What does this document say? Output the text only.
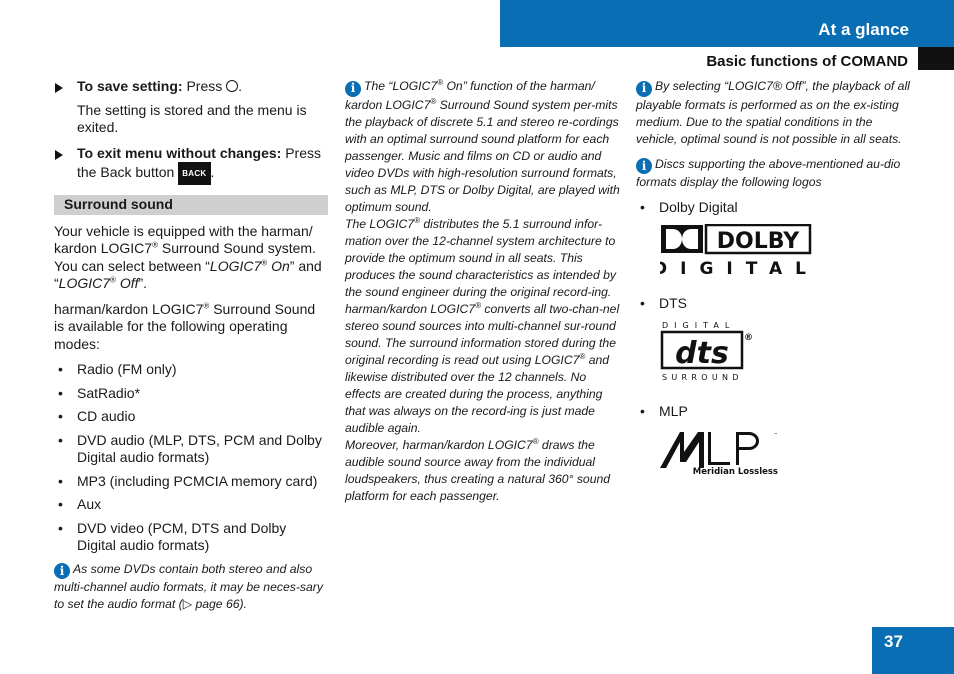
At a glance
Basic functions of COMAND
To save setting: Press .
The setting is stored and the menu is exited.
To exit menu without changes: Press the Back button BACK .
Surround sound
Your vehicle is equipped with the harman/ kardon LOGIC7® Surround Sound system. You can select between “LOGIC7® On” and “LOGIC7® Off”.
harman/kardon LOGIC7® Surround Sound is available for the following operating modes:
• Radio (FM only)
• SatRadio*
• CD audio
• DVD audio (MLP, DTS, PCM and Dolby Digital audio formats)
• MP3 (including PCMCIA memory card)
• Aux
• DVD video (PCM, DTS and Dolby Digital audio formats)
i As some DVDs contain both stereo and also multi-channel audio formats, it may be neces-sary to set the audio format (▷ page 66).
i The “LOGIC7® On” function of the harman/ kardon LOGIC7® Surround Sound system per-mits the playback of discrete 5.1 and stereo re-cordings with an optimal surround sound platform for each passenger. Music and films on CD or audio and video DVDs with high-resolution surround formats, such as MLP, DTS or Dolby Digital, are played with optimum sound.
The LOGIC7® distributes the 5.1 surround infor-mation over the 12-channel system architecture to provide the optimum sound in all seats. This produces the sound characteristics as intended by the sound engineer during the original record-ing.
harman/kardon LOGIC7® converts all two-chan-nel stereo sound sources into multi-channel sur-round sound. The surround information stored during the original recording is read out using LOGIC7® and likewise distributed over the 12 channels. No effects are created during the process, anything that was always on the record-ing is just made audible again.
Moreover, harman/kardon LOGIC7® draws the audible sound source away from the individual loudspeakers, thus creating a natural 360° sound platform for each passenger.
i By selecting “LOGIC7® Off”, the playback of all playable formats is performed as on the ex-isting medium. Due to the spatial conditions in the vehicle, optimal sound is not possible in all seats.
i Discs supporting the above-mentioned au-dio formats display the following logos
• Dolby Digital
DOLBY
DIGITAL
• DTS
DIGITAL
dts ®
SURROUND
• MLP
™
Meridian Lossless
37
